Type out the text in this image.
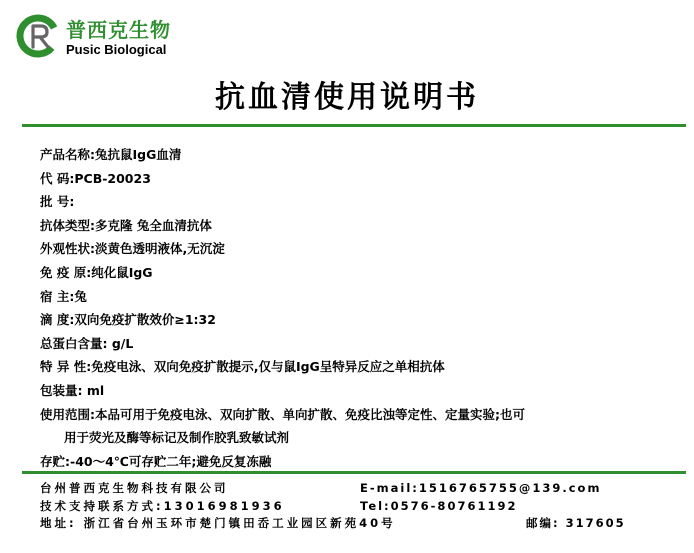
普西克生物
Pusic Biological
抗血清使用说明书
产品名称:兔抗鼠IgG血清
代 码:PCB-20023
批 号:
抗体类型:多克隆 兔全血清抗体
外观性状:淡黄色透明液体,无沉淀
免 疫 原:纯化鼠IgG
宿 主:兔
滴 度:双向免疫扩散效价≥1:32
总蛋白含量: g/L
特 异 性:免疫电泳、双向免疫扩散提示,仅与鼠IgG呈特异反应之单相抗体
包装量: ml
使用范围:本品可用于免疫电泳、双向扩散、单向扩散、免疫比浊等定性、定量实验;也可
用于荧光及酶等标记及制作胶乳致敏试剂
存贮:-40～4℃可存贮二年;避免反复冻融
台州普西克生物科技有限公司	E-mail:1516765755@139.com
技术支持联系方式:13016981936	Tel:0576-80761192
地址: 浙江省台州玉环市楚门镇田岙工业园区新苑40号	邮编: 317605
